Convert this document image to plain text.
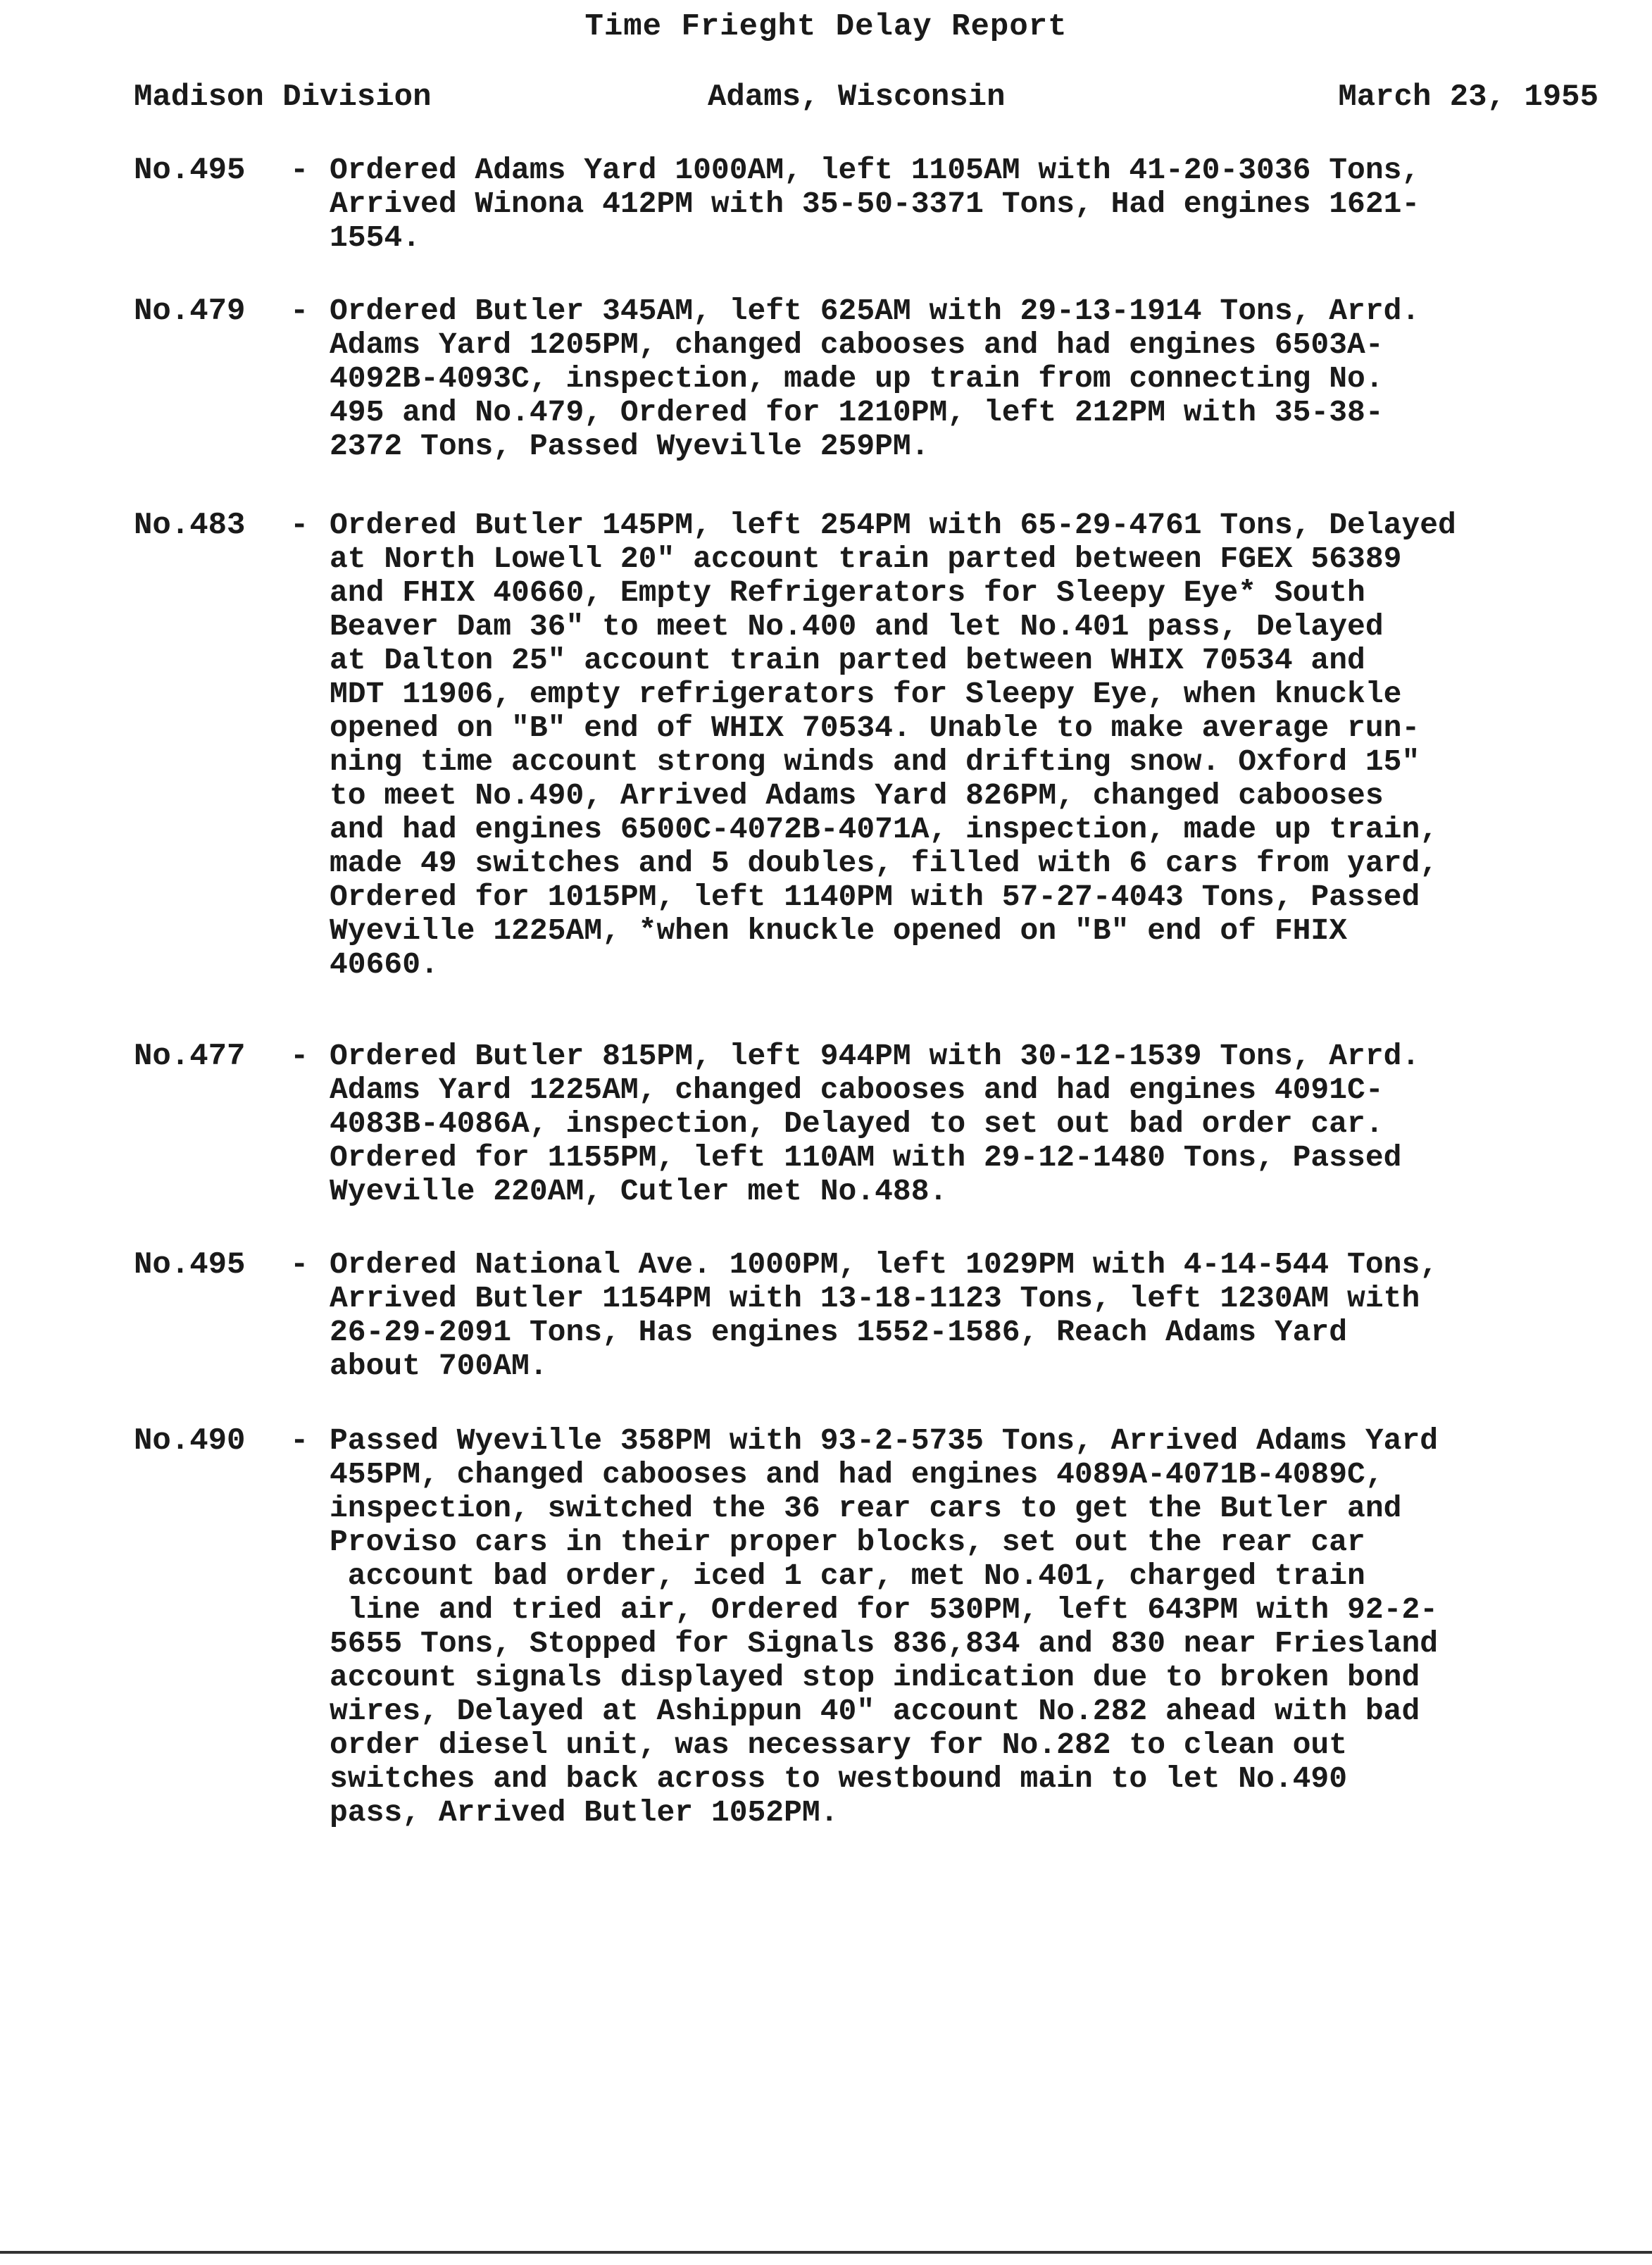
Time Frieght Delay Report
Madison Division	Adams, Wisconsin	March 23, 1955
No.495 - Ordered Adams Yard 1000AM, left 1105AM with 41-20-3036 Tons,
Arrived Winona 412PM with 35-50-3371 Tons, Had engines 1621-
1554.
No.479 - Ordered Butler 345AM, left 625AM with 29-13-1914 Tons, Arrd.
Adams Yard 1205PM, changed cabooses and had engines 6503A-
4092B-4093C, inspection, made up train from connecting No.
495 and No.479, Ordered for 1210PM, left 212PM with 35-38-
2372 Tons, Passed Wyeville 259PM.
No.483 - Ordered Butler 145PM, left 254PM with 65-29-4761 Tons, Delayed
at North Lowell 20" account train parted between FGEX 56389
and FHIX 40660, Empty Refrigerators for Sleepy Eye* South
Beaver Dam 36" to meet No.400 and let No.401 pass, Delayed
at Dalton 25" account train parted between WHIX 70534 and
MDT 11906, empty refrigerators for Sleepy Eye, when knuckle
opened on "B" end of WHIX 70534. Unable to make average run-
ning time account strong winds and drifting snow. Oxford 15"
to meet No.490, Arrived Adams Yard 826PM, changed cabooses
and had engines 6500C-4072B-4071A, inspection, made up train,
made 49 switches and 5 doubles, filled with 6 cars from yard,
Ordered for 1015PM, left 1140PM with 57-27-4043 Tons, Passed
Wyeville 1225AM, *when knuckle opened on "B" end of FHIX
40660.
No.477 - Ordered Butler 815PM, left 944PM with 30-12-1539 Tons, Arrd.
Adams Yard 1225AM, changed cabooses and had engines 4091C-
4083B-4086A, inspection, Delayed to set out bad order car.
Ordered for 1155PM, left 110AM with 29-12-1480 Tons, Passed
Wyeville 220AM, Cutler met No.488.
No.495 - Ordered National Ave. 1000PM, left 1029PM with 4-14-544 Tons,
Arrived Butler 1154PM with 13-18-1123 Tons, left 1230AM with
26-29-2091 Tons, Has engines 1552-1586, Reach Adams Yard
about 700AM.
No.490 - Passed Wyeville 358PM with 93-2-5735 Tons, Arrived Adams Yard
455PM, changed cabooses and had engines 4089A-4071B-4089C,
inspection, switched the 36 rear cars to get the Butler and
Proviso cars in their proper blocks, set out the rear car
account bad order, iced 1 car, met No.401, charged train
line and tried air, Ordered for 530PM, left 643PM with 92-2-
5655 Tons, Stopped for Signals 836,834 and 830 near Friesland
account signals displayed stop indication due to broken bond
wires, Delayed at Ashippun 40" account No.282 ahead with bad
order diesel unit, was necessary for No.282 to clean out
switches and back across to westbound main to let No.490
pass, Arrived Butler 1052PM.
